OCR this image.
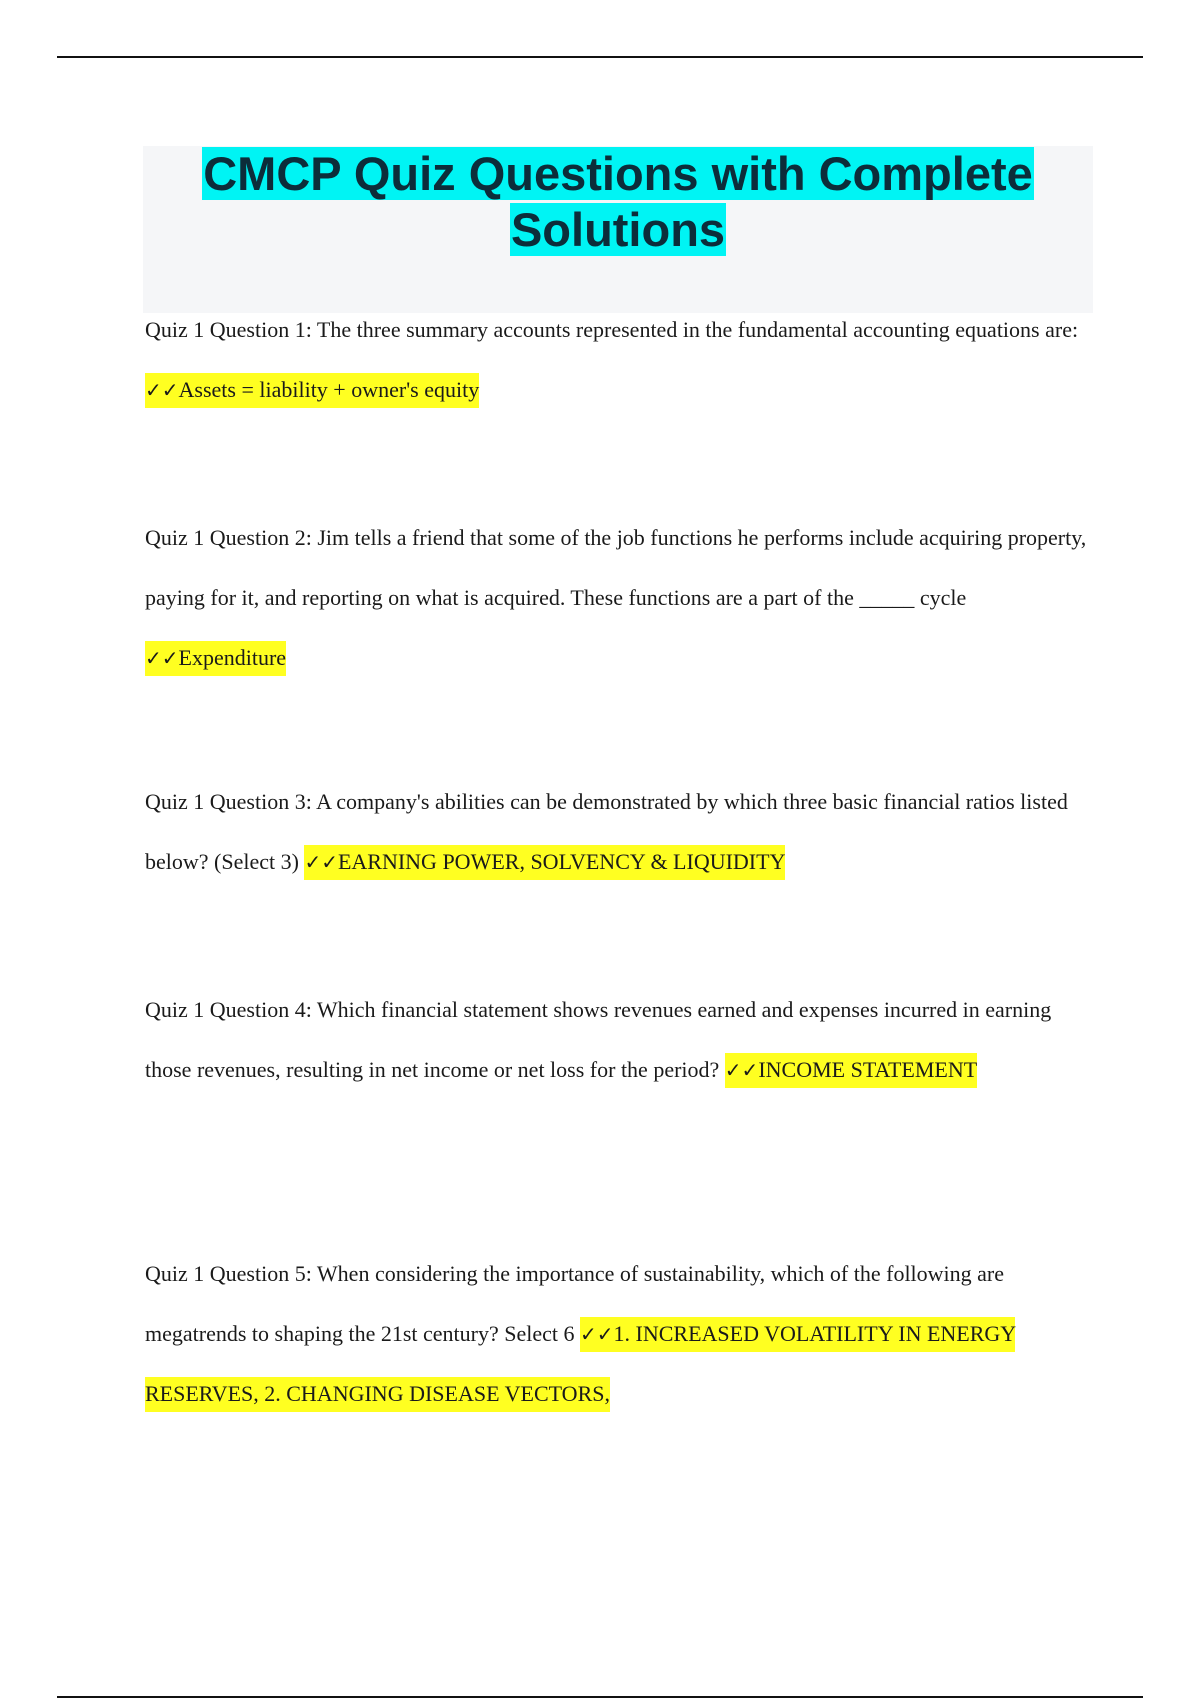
CMCP Quiz Questions with Complete
Solutions

Quiz 1 Question 1: The three summary accounts represented in the fundamental accounting equations are: ✓✓Assets = liability + owner's equity

Quiz 1 Question 2: Jim tells a friend that some of the job functions he performs include acquiring property, paying for it, and reporting on what is acquired. These functions are a part of the _____ cycle ✓✓Expenditure

Quiz 1 Question 3: A company's abilities can be demonstrated by which three basic financial ratios listed below? (Select 3) ✓✓EARNING POWER, SOLVENCY & LIQUIDITY

Quiz 1 Question 4: Which financial statement shows revenues earned and expenses incurred in earning those revenues, resulting in net income or net loss for the period? ✓✓INCOME STATEMENT

Quiz 1 Question 5: When considering the importance of sustainability, which of the following are megatrends to shaping the 21st century? Select 6 ✓✓1. INCREASED VOLATILITY IN ENERGY RESERVES, 2. CHANGING DISEASE VECTORS,
